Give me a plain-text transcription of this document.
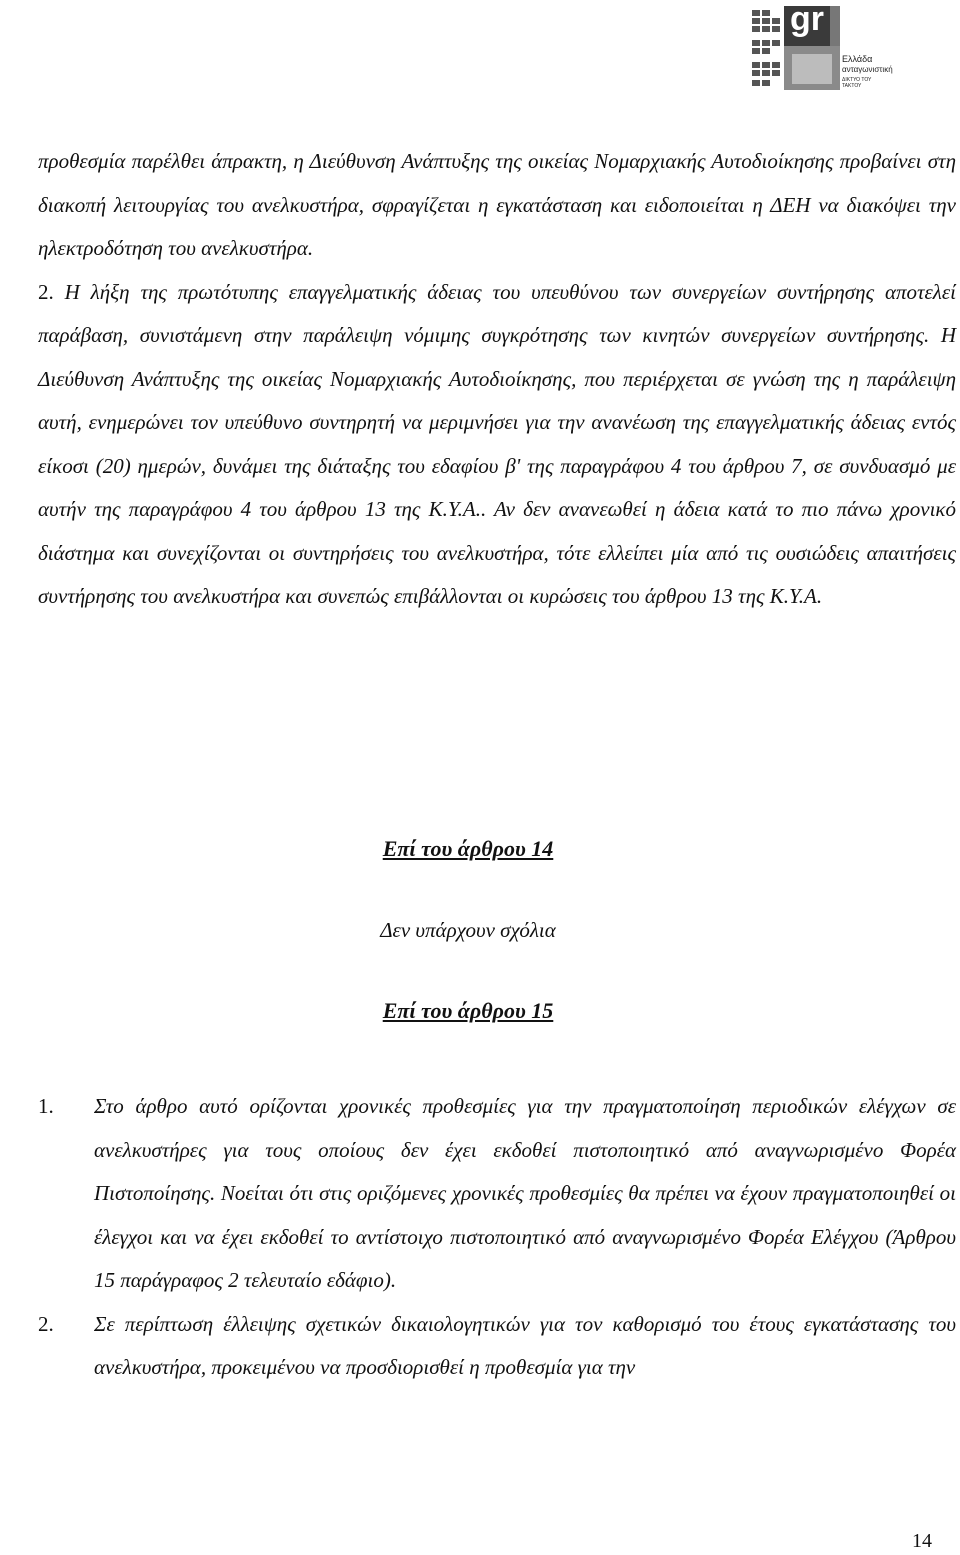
gr
Ελλάδα
ανταγωνιστική
ΔΙΚΤΥΟ ΤΟΥ ΤΑΚΤΟΥ
προθεσμία παρέλθει άπρακτη, η Διεύθυνση Ανάπτυξης της οικείας Νομαρχιακής Αυτοδιοίκησης προβαίνει στη διακοπή λειτουργίας του ανελκυστήρα, σφραγίζεται η εγκατάσταση και ειδοποιείται η ΔΕΗ να διακόψει την ηλεκτροδότηση του ανελκυστήρα.
2. Η λήξη της πρωτότυπης επαγγελματικής άδειας του υπευθύνου των συνεργείων συντήρησης αποτελεί παράβαση, συνιστάμενη στην παράλειψη νόμιμης συγκρότησης των κινητών συνεργείων συντήρησης. Η Διεύθυνση Ανάπτυξης της οικείας Νομαρχιακής Αυτοδιοίκησης, που περιέρχεται σε γνώση της η παράλειψη αυτή, ενημερώνει τον υπεύθυνο συντηρητή να μεριμνήσει για την ανανέωση της επαγγελματικής άδειας εντός είκοσι (20) ημερών, δυνάμει της διάταξης του εδαφίου β' της παραγράφου 4 του άρθρου 7, σε συνδυασμό με αυτήν της παραγράφου 4 του άρθρου 13 της Κ.Υ.Α.. Αν δεν ανανεωθεί η άδεια κατά το πιο πάνω χρονικό διάστημα και συνεχίζονται οι συντηρήσεις του ανελκυστήρα, τότε ελλείπει μία από τις ουσιώδεις απαιτήσεις συντήρησης του ανελκυστήρα και συνεπώς επιβάλλονται οι κυρώσεις του άρθρου 13 της Κ.Υ.Α.
Επί του άρθρου 14
Δεν υπάρχουν σχόλια
Επί του άρθρου 15
1.	Στο άρθρο αυτό ορίζονται χρονικές προθεσμίες για την πραγματοποίηση περιοδικών ελέγχων σε ανελκυστήρες για τους οποίους δεν έχει εκδοθεί πιστοποιητικό από αναγνωρισμένο Φορέα Πιστοποίησης. Νοείται ότι στις οριζόμενες χρονικές προθεσμίες θα πρέπει να έχουν πραγματοποιηθεί οι έλεγχοι και να έχει εκδοθεί το αντίστοιχο πιστοποιητικό από αναγνωρισμένο Φορέα Ελέγχου (Άρθρου 15 παράγραφος 2 τελευταίο εδάφιο).
2.	Σε περίπτωση έλλειψης σχετικών δικαιολογητικών για τον καθορισμό του έτους εγκατάστασης του ανελκυστήρα, προκειμένου να προσδιορισθεί η προθεσμία για την
14
